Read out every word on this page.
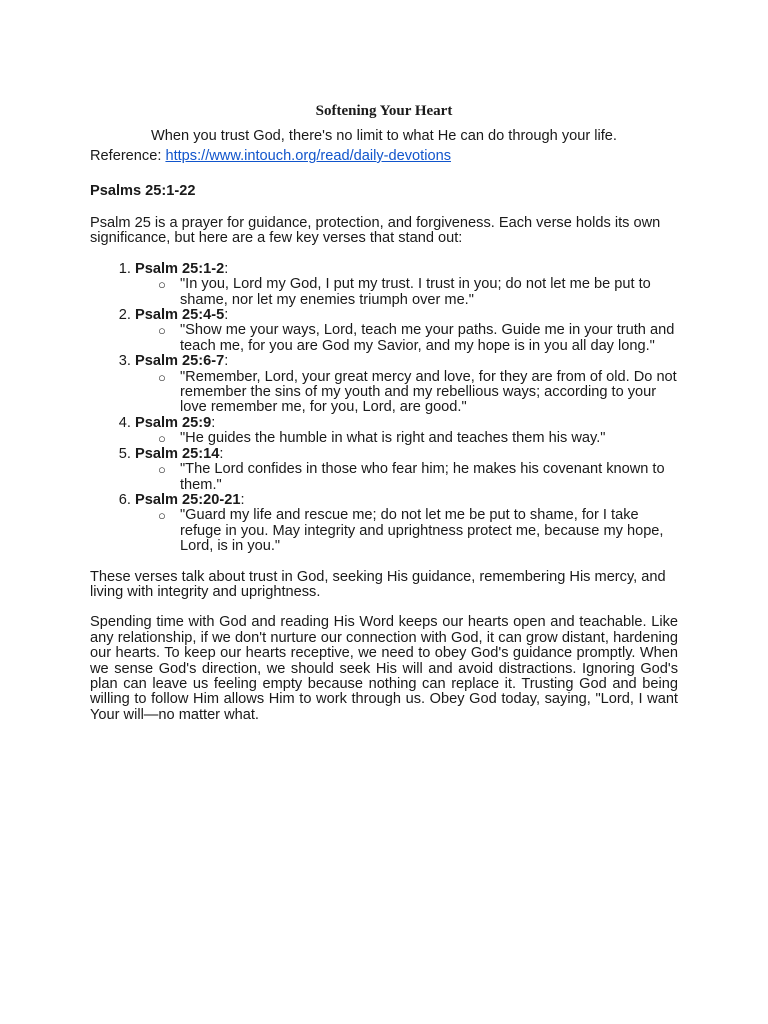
Softening Your Heart

When you trust God, there's no limit to what He can do through your life.

Reference: https://www.intouch.org/read/daily-devotions

Psalms 25:1-22

Psalm 25 is a prayer for guidance, protection, and forgiveness. Each verse holds its own significance, but here are a few key verses that stand out:

1. Psalm 25:1-2:
○ "In you, Lord my God, I put my trust. I trust in you; do not let me be put to shame, nor let my enemies triumph over me."
2. Psalm 25:4-5:
○ "Show me your ways, Lord, teach me your paths. Guide me in your truth and teach me, for you are God my Savior, and my hope is in you all day long."
3. Psalm 25:6-7:
○ "Remember, Lord, your great mercy and love, for they are from of old. Do not remember the sins of my youth and my rebellious ways; according to your love remember me, for you, Lord, are good."
4. Psalm 25:9:
○ "He guides the humble in what is right and teaches them his way."
5. Psalm 25:14:
○ "The Lord confides in those who fear him; he makes his covenant known to them."
6. Psalm 25:20-21:
○ "Guard my life and rescue me; do not let me be put to shame, for I take refuge in you. May integrity and uprightness protect me, because my hope, Lord, is in you."

These verses talk about trust in God, seeking His guidance, remembering His mercy, and living with integrity and uprightness.

Spending time with God and reading His Word keeps our hearts open and teachable. Like any relationship, if we don't nurture our connection with God, it can grow distant, hardening our hearts. To keep our hearts receptive, we need to obey God's guidance promptly. When we sense God's direction, we should seek His will and avoid distractions. Ignoring God's plan can leave us feeling empty because nothing can replace it. Trusting God and being willing to follow Him allows Him to work through us. Obey God today, saying, "Lord, I want Your will—no matter what.
